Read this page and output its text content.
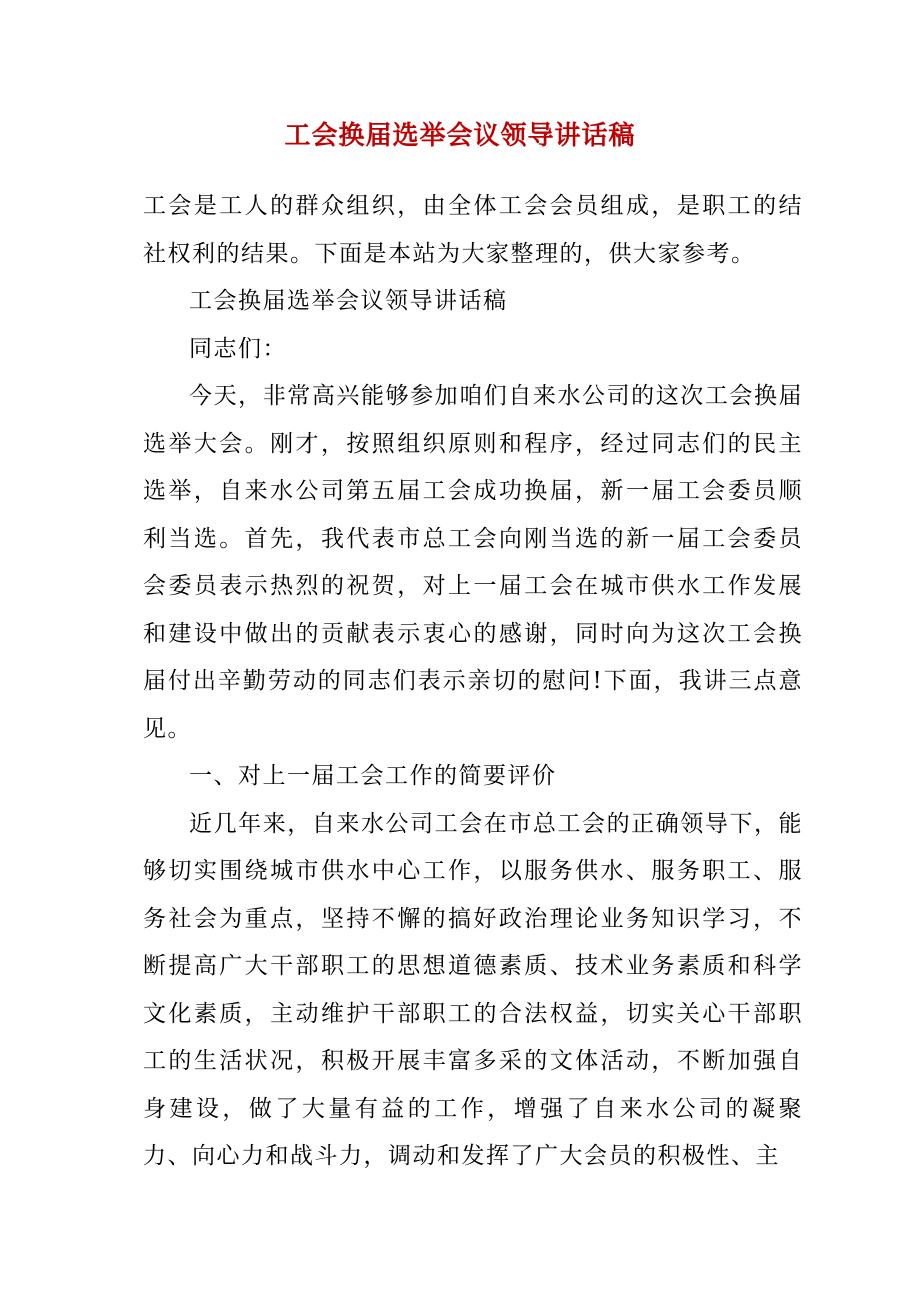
工会换届选举会议领导讲话稿

工会是工人的群众组织，由全体工会会员组成，是职工的结社权利的结果。下面是本站为大家整理的，供大家参考。

工会换届选举会议领导讲话稿

同志们：

今天，非常高兴能够参加咱们自来水公司的这次工会换届选举大会。刚才，按照组织原则和程序，经过同志们的民主选举，自来水公司第五届工会成功换届，新一届工会委员顺利当选。首先，我代表市总工会向刚当选的新一届工会委员会委员表示热烈的祝贺，对上一届工会在城市供水工作发展和建设中做出的贡献表示衷心的感谢，同时向为这次工会换届付出辛勤劳动的同志们表示亲切的慰问!下面，我讲三点意见。

一、对上一届工会工作的简要评价

近几年来，自来水公司工会在市总工会的正确领导下，能够切实围绕城市供水中心工作，以服务供水、服务职工、服务社会为重点，坚持不懈的搞好政治理论业务知识学习，不断提高广大干部职工的思想道德素质、技术业务素质和科学文化素质，主动维护干部职工的合法权益，切实关心干部职工的生活状况，积极开展丰富多采的文体活动，不断加强自身建设，做了大量有益的工作，增强了自来水公司的凝聚力、向心力和战斗力，调动和发挥了广大会员的积极性、主
